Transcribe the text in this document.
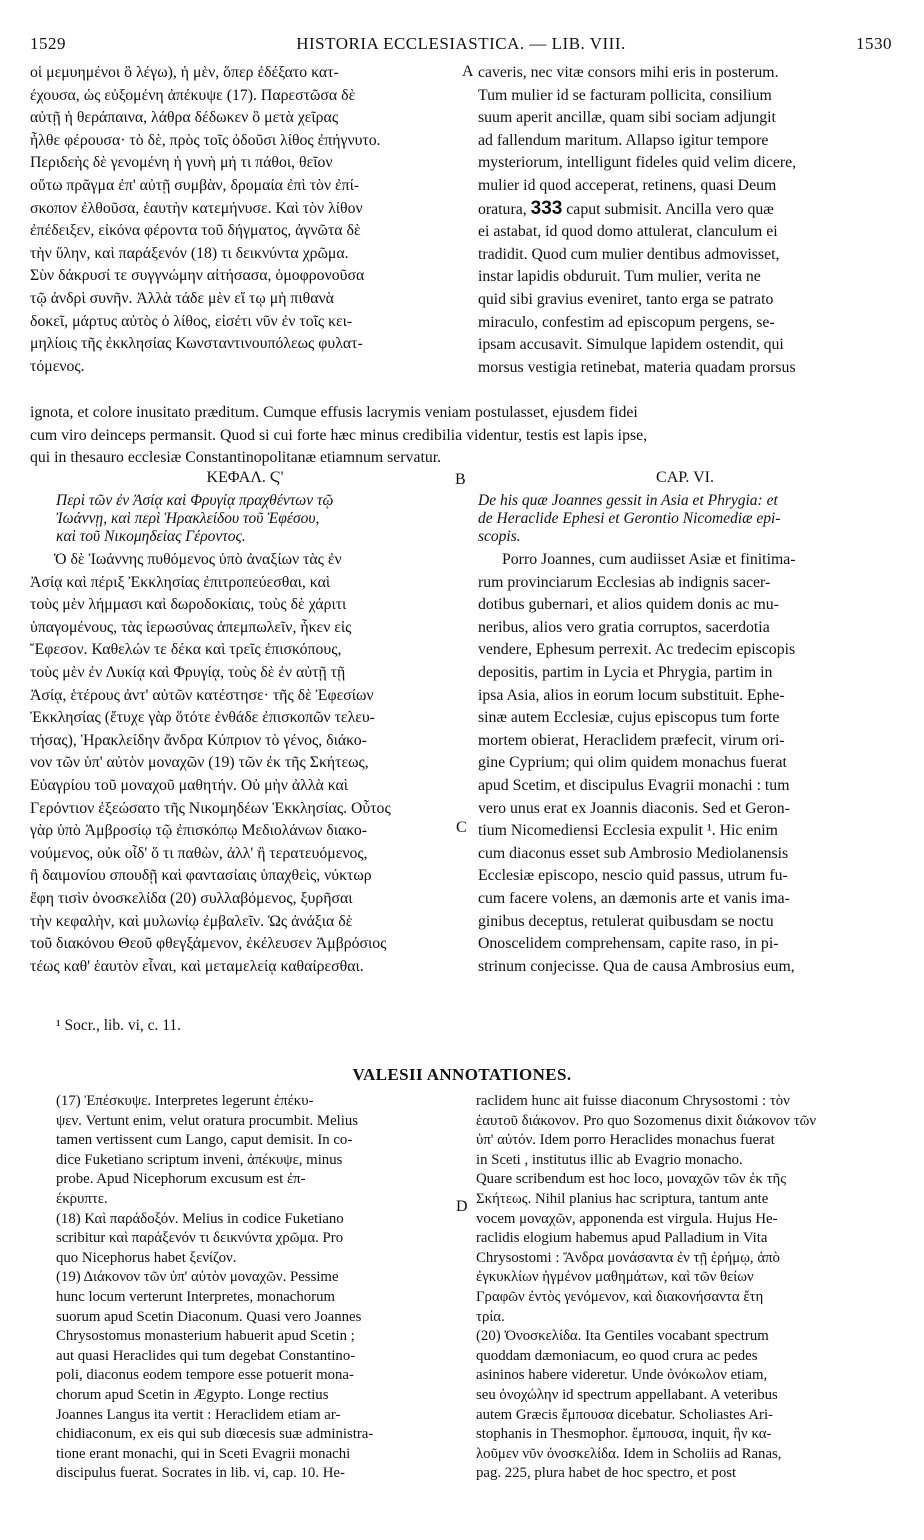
1529	HISTORIA ECCLESIASTICA. — LIB. VIII.	1530

οἱ μεμυημένοι ὃ λέγω), ἡ μὲν, ὅπερ ἐδέξατο κατ-

έχουσα, ὡς εὐξομένη ἀπέκυψε (17). Παρεστῶσα δὲ

αὐτῇ ἡ θεράπαινα, λάθρα δέδωκεν ὃ μετὰ χεῖρας

ἦλθε φέρουσα· τὸ δὲ, πρὸς τοῖς ὀδοῦσι λίθος ἐπήγνυτο.

Περιδεὴς δὲ γενομένη ἡ γυνὴ μή τι πάθοι, θεῖον

οὕτω πρᾶγμα ἐπ' αὐτῇ συμβὰν, δρομαία ἐπὶ τὸν ἐπί-

σκοπον ἐλθοῦσα, ἑαυτὴν κατεμήνυσε. Καὶ τὸν λίθον

ἐπέδειξεν, εἰκόνα φέροντα τοῦ δήγματος, ἀγνῶτα δὲ

τὴν ὕλην, καὶ παράξενόν (18) τι δεικνύντα χρῶμα.

Σὺν δάκρυσί τε συγγνώμην αἰτήσασα, ὁμοφρονοῦσα

τῷ ἀνδρὶ συνῆν. Ἀλλὰ τάδε μὲν εἴ τῳ μὴ πιθανὰ

δοκεῖ, μάρτυς αὐτὸς ὁ λίθος, εἰσέτι νῦν ἐν τοῖς κει-

μηλίοις τῆς ἐκκλησίας Κωνσταντινουπόλεως φυλατ-

τόμενος.

A caveris, nec vitæ consors mihi eris in posterum.

Tum mulier id se facturam pollicita, consilium

suum aperit ancillæ, quam sibi sociam adjungit

ad fallendum maritum. Allapso igitur tempore

mysteriorum, intelligunt fideles quid velim dicere,

mulier id quod acceperat, retinens, quasi Deum

oratura, 333 caput submisit. Ancilla vero quæ

ei astabat, id quod domo attulerat, clanculum ei

tradidit. Quod cum mulier dentibus admovisset,

instar lapidis obduruit. Tum mulier, verita ne

quid sibi gravius eveniret, tanto erga se patrato

miraculo, confestim ad episcopum pergens, se-

ipsam accusavit. Simulque lapidem ostendit, qui

morsus vestigia retinebat, materia quadam prorsus

ignota, et colore inusitato præditum. Cumque effusis lacrymis veniam postulasset, ejusdem fidei

cum viro deinceps permansit. Quod si cui forte hæc minus credibilia videntur, testis est lapis ipse,

qui in thesauro ecclesiæ Constantinopolitanæ etiamnum servatur.

ΚΕΦΑΛ. Ϛ'	B	CAP. VI.

Περὶ τῶν ἐν Ἀσίᾳ καὶ Φρυγίᾳ πραχθέντων τῷ

Ἰωάννῃ, καὶ περὶ Ἡρακλείδου τοῦ Ἐφέσου,

καὶ τοῦ Νικομηδείας Γέροντος.

De his quæ Joannes gessit in Asia et Phrygia: et

de Heraclide Ephesi et Gerontio Nicomediæ epi-

scopis.

Ὁ δὲ Ἰωάννης πυθόμενος ὑπὸ ἀναξίων τὰς ἐν

Ἀσίᾳ καὶ πέριξ Ἐκκλησίας ἐπιτροπεύεσθαι, καὶ

τοὺς μὲν λήμμασι καὶ δωροδοκίαις, τοὺς δὲ χάριτι

ὑπαγομένους, τὰς ἱερωσύνας ἀπεμπωλεῖν, ἧκεν εἰς

Ἔφεσον. Καθελών τε δέκα καὶ τρεῖς ἐπισκόπους,

τοὺς μὲν ἐν Λυκίᾳ καὶ Φρυγίᾳ, τοὺς δὲ ἐν αὐτῇ τῇ

Ἀσίᾳ, ἑτέρους ἀντ' αὐτῶν κατέστησε· τῆς δὲ Ἐφεσίων

Ἐκκλησίας (ἔτυχε γὰρ ὅτότε ἐνθάδε ἐπισκοπῶν τελευ-

τήσας), Ἡρακλείδην ἄνδρα Κύπριον τὸ γένος, διάκο-

νον τῶν ὑπ' αὐτὸν μοναχῶν (19) τῶν ἐκ τῆς Σκήτεως,

Εὐαγρίου τοῦ μοναχοῦ μαθητήν. Οὐ μὴν ἀλλὰ καὶ

Γερόντιον ἐξεώσατο τῆς Νικομηδέων Ἐκκλησίας. Οὗτος

γὰρ ὑπὸ Ἀμβροσίῳ τῷ ἐπισκόπῳ Μεδιολάνων διακο-

νούμενος, οὐκ οἶδ' ὅ τι παθὼν, ἀλλ' ἢ τερατευόμενος,

ἢ δαιμονίου σπουδῇ καὶ φαντασίαις ὑπαχθεὶς, νύκτωρ

ἔφη τισὶν ὀνοσκελίδα (20) συλλαβόμενος, ξυρῆσαι

τὴν κεφαλὴν, καὶ μυλωνίῳ ἐμβαλεῖν. Ὡς ἀνάξια δὲ

τοῦ διακόνου Θεοῦ φθεγξάμενον, ἐκέλευσεν Ἀμβρόσιος

τέως καθ' ἑαυτὸν εἶναι, καὶ μεταμελείᾳ καθαίρεσθαι.

C

Porro Joannes, cum audiisset Asiæ et finitima-

rum provinciarum Ecclesias ab indignis sacer-

dotibus gubernari, et alios quidem donis ac mu-

neribus, alios vero gratia corruptos, sacerdotia

vendere, Ephesum perrexit. Ac tredecim episcopis

depositis, partim in Lycia et Phrygia, partim in

ipsa Asia, alios in eorum locum substituit. Ephe-

sinæ autem Ecclesiæ, cujus episcopus tum forte

mortem obierat, Heraclidem præfecit, virum ori-

gine Cyprium; qui olim quidem monachus fuerat

apud Scetim, et discipulus Evagrii monachi : tum

vero unus erat ex Joannis diaconis. Sed et Geron-

tium Nicomediensi Ecclesia expulit ¹. Hic enim

cum diaconus esset sub Ambrosio Mediolanensis

Ecclesiæ episcopo, nescio quid passus, utrum fu-

cum facere volens, an dæmonis arte et vanis ima-

ginibus deceptus, retulerat quibusdam se noctu

Onoscelidem comprehensam, capite raso, in pi-

strinum conjecisse. Qua de causa Ambrosius eum,

¹ Socr., lib. vi, c. 11.
VALESII ANNOTATIONES.

(17) Ἐπέσκυψε. Interpretes legerunt ἐπέκυ-

ψεν. Vertunt enim, velut oratura procumbit. Melius

tamen vertissent cum Lango, caput demisit. In co-

dice Fuketiano scriptum inveni, ἀπέκυψε, minus

probe. Apud Nicephorum excusum est ἐπ-

έκρυπτε.

(18) Καὶ παράδοξόν. Melius in codice Fuketiano

scribitur καὶ παράξενόν τι δεικνύντα χρῶμα. Pro

quo Nicephorus habet ξενίζον.

(19) Διάκονον τῶν ὑπ' αὐτὸν μοναχῶν. Pessime

hunc locum verterunt Interpretes, monachorum

suorum apud Scetin Diaconum. Quasi vero Joannes

Chrysostomus monasterium habuerit apud Scetin ;

aut quasi Heraclides qui tum degebat Constantino-

poli, diaconus eodem tempore esse potuerit mona-

chorum apud Scetin in Ægypto. Longe rectius

Joannes Langus ita vertit : Heraclidem etiam ar-

chidiaconum, ex eis qui sub diœcesis suæ administra-

tione erant monachi, qui in Sceti Evagrii monachi

discipulus fuerat. Socrates in lib. vi, cap. 10. He-

D

raclidem hunc ait fuisse diaconum Chrysostomi : τὸν

ἑαυτοῦ διάκονον. Pro quo Sozomenus dixit διάκονον τῶν

ὑπ' αὐτόν. Idem porro Heraclides monachus fuerat

in Sceti , institutus illic ab Evagrio monacho.

Quare scribendum est hoc loco, μοναχῶν τῶν ἐκ τῆς

Σκήτεως. Nihil planius hac scriptura, tantum ante

vocem μοναχῶν, apponenda est virgula. Hujus He-

raclidis elogium habemus apud Palladium in Vita

Chrysostomi : Ἄνδρα μονάσαντα ἐν τῇ ἐρήμῳ, ἀπὸ

ἐγκυκλίων ἡγμένον μαθημάτων, καὶ τῶν θείων

Γραφῶν ἐντὸς γενόμενον, καὶ διακονήσαντα ἔτη

τρία.

(20) Ὀνοσκελίδα. Ita Gentiles vocabant spectrum

quoddam dæmoniacum, eo quod crura ac pedes

asininos habere videretur. Unde ὀνόκωλον etiam,

seu ὀνοχώλην id spectrum appellabant. A veteribus

autem Græcis ἔμπουσα dicebatur. Scholiastes Ari-

stophanis in Thesmophor. ἔμπουσα, inquit, ἣν κα-

λοῦμεν νῦν ὀνοσκελίδα. Idem in Scholiis ad Ranas,

pag. 225, plura habet de hoc spectro, et post
